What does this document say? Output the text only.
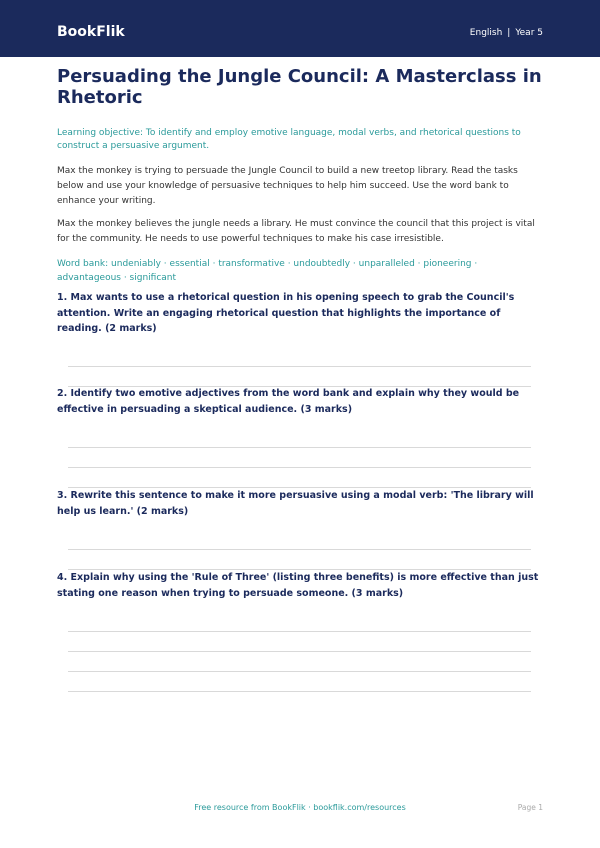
BookFlik	English | Year 5
Persuading the Jungle Council: A Masterclass in Rhetoric

Learning objective: To identify and employ emotive language, modal verbs, and rhetorical questions to construct a persuasive argument.

Max the monkey is trying to persuade the Jungle Council to build a new treetop library. Read the tasks below and use your knowledge of persuasive techniques to help him succeed. Use the word bank to enhance your writing.

Max the monkey believes the jungle needs a library. He must convince the council that this project is vital for the community. He needs to use powerful techniques to make his case irresistible.

Word bank: undeniably · essential · transformative · undoubtedly · unparalleled · pioneering · advantageous · significant

1. Max wants to use a rhetorical question in his opening speech to grab the Council's attention. Write an engaging rhetorical question that highlights the importance of reading. (2 marks)

2. Identify two emotive adjectives from the word bank and explain why they would be effective in persuading a skeptical audience. (3 marks)

3. Rewrite this sentence to make it more persuasive using a modal verb: 'The library will help us learn.' (2 marks)

4. Explain why using the 'Rule of Three' (listing three benefits) is more effective than just stating one reason when trying to persuade someone. (3 marks)

Free resource from BookFlik · bookflik.com/resources	Page 1
